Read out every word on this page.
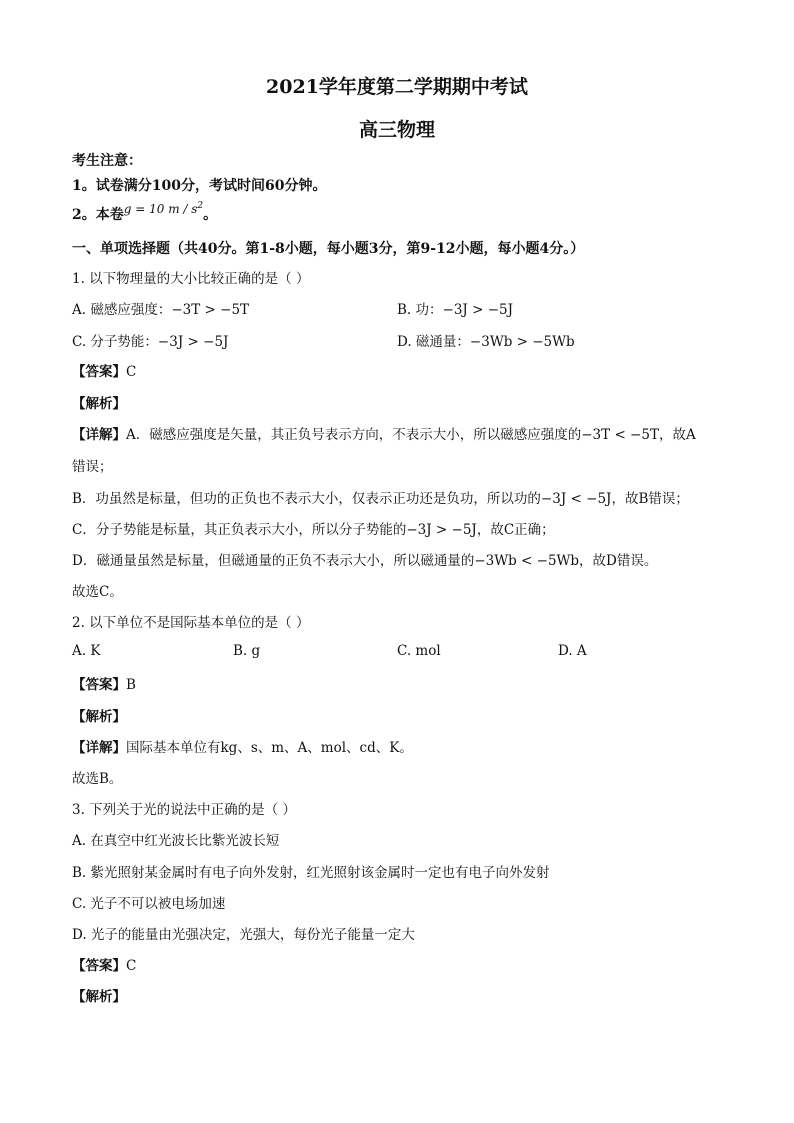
2021学年度第二学期期中考试
高三物理
考生注意：
1。试卷满分100分，考试时间60分钟。
2。本卷g = 10 m / $s^2$。
一、单项选择题（共40分。第1-8小题，每小题3分，第9-12小题，每小题4分。）
1. 以下物理量的大小比较正确的是（ ）
A. 磁感应强度：−3T > −5T	B. 功：−3J > −5J
C. 分子势能：−3J > −5J	D. 磁通量：−3Wb > −5Wb
【答案】C
【解析】
【详解】A．磁感应强度是矢量，其正负号表示方向，不表示大小，所以磁感应强度的−3T < −5T，故A
错误；
B．功虽然是标量，但功的正负也不表示大小，仅表示正功还是负功，所以功的−3J < −5J，故B错误；
C．分子势能是标量，其正负表示大小，所以分子势能的−3J > −5J，故C正确；
D．磁通量虽然是标量，但磁通量的正负不表示大小，所以磁通量的−3Wb < −5Wb，故D错误。
故选C。
2. 以下单位不是国际基本单位的是（ ）
A. K	B. g	C. mol	D. A
【答案】B
【解析】
【详解】国际基本单位有kg、s、m、A、mol、cd、K。
故选B。
3. 下列关于光的说法中正确的是（ ）
A. 在真空中红光波长比紫光波长短
B. 紫光照射某金属时有电子向外发射，红光照射该金属时一定也有电子向外发射
C. 光子不可以被电场加速
D. 光子的能量由光强决定，光强大，每份光子能量一定大
【答案】C
【解析】
